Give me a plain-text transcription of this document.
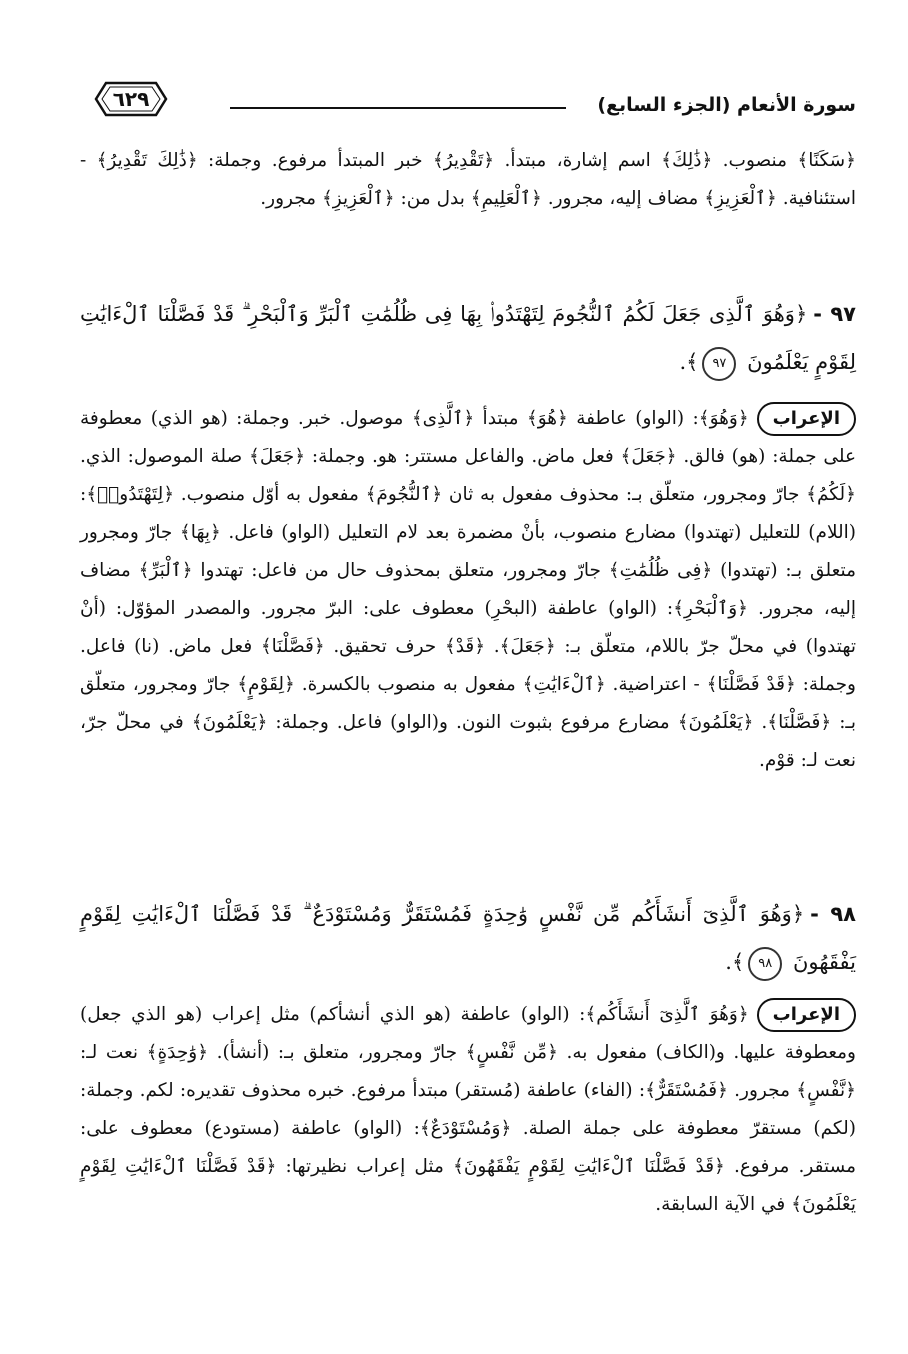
سورة الأنعام (الجزء السابع)
٦٢٩

﴿سَكَنًا﴾ منصوب. ﴿ذَٰلِكَ﴾ اسم إشارة، مبتدأ. ﴿تَقْدِيرُ﴾ خبر المبتدأ مرفوع. وجملة: ﴿ذَٰلِكَ تَقْدِيرُ﴾ - استئنافية. ﴿ٱلْعَزِيزِ﴾ مضاف إليه، مجرور. ﴿ٱلْعَلِيمِ﴾ بدل من: ﴿ٱلْعَزِيزِ﴾ مجرور.

٩٧ -﴿وَهُوَ ٱلَّذِى جَعَلَ لَكُمُ ٱلنُّجُومَ لِتَهْتَدُوا۟ بِهَا فِى ظُلُمَٰتِ ٱلْبَرِّ وَٱلْبَحْرِ ۗ قَدْ فَصَّلْنَا ٱلْءَايَٰتِ لِقَوْمٍ يَعْلَمُونَ ٩٧﴾.

الإعراب﴿وَهُوَ﴾: (الواو) عاطفة ﴿هُوَ﴾ مبتدأ ﴿ٱلَّذِى﴾ موصول. خبر. وجملة: (هو الذي) معطوفة على جملة: (هو) فالق. ﴿جَعَلَ﴾ فعل ماض. والفاعل مستتر: هو. وجملة: ﴿جَعَلَ﴾ صلة الموصول: الذي. ﴿لَكُمُ﴾ جارّ ومجرور، متعلّق بـ: محذوف مفعول به ثان ﴿ٱلنُّجُومَ﴾ مفعول به أوّل منصوب. ﴿لِتَهْتَدُوا۟﴾: (اللام) للتعليل (تهتدوا) مضارع منصوب، بأنْ مضمرة بعد لام التعليل (الواو) فاعل. ﴿بِهَا﴾ جارّ ومجرور متعلق بـ: (تهتدوا) ﴿فِى ظُلُمَٰتِ﴾ جارّ ومجرور، متعلق بمحذوف حال من فاعل: تهتدوا ﴿ٱلْبَرِّ﴾ مضاف إليه، مجرور. ﴿وَٱلْبَحْرِ﴾: (الواو) عاطفة (البحْرِ) معطوف على: البرّ مجرور. والمصدر المؤوّل: (أنْ تهتدوا) في محلّ جرّ باللام، متعلّق بـ: ﴿جَعَلَ﴾. ﴿قَدْ﴾ حرف تحقيق. ﴿فَصَّلْنَا﴾ فعل ماض. (نا) فاعل. وجملة: ﴿قَدْ فَصَّلْنَا﴾ - اعتراضية. ﴿ٱلْءَايَٰتِ﴾ مفعول به منصوب بالكسرة. ﴿لِقَوْمٍ﴾ جارّ ومجرور، متعلّق بـ: ﴿فَصَّلْنَا﴾. ﴿يَعْلَمُونَ﴾ مضارع مرفوع بثبوت النون. و(الواو) فاعل. وجملة: ﴿يَعْلَمُونَ﴾ في محلّ جرّ، نعت لـ: قوْم.

٩٨ -﴿وَهُوَ ٱلَّذِىٓ أَنشَأَكُم مِّن نَّفْسٍ وَٰحِدَةٍ فَمُسْتَقَرٌّ وَمُسْتَوْدَعٌ ۗ قَدْ فَصَّلْنَا ٱلْءَايَٰتِ لِقَوْمٍ يَفْقَهُونَ ٩٨﴾.

الإعراب﴿وَهُوَ ٱلَّذِىٓ أَنشَأَكُم﴾: (الواو) عاطفة (هو الذي أنشأكم) مثل إعراب (هو الذي جعل) ومعطوفة عليها. و(الكاف) مفعول به. ﴿مِّن نَّفْسٍ﴾ جارّ ومجرور، متعلق بـ: (أنشأ). ﴿وَٰحِدَةٍ﴾ نعت لـ: ﴿نَّفْسٍ﴾ مجرور. ﴿فَمُسْتَقَرٌّ﴾: (الفاء) عاطفة (مُستقر) مبتدأ مرفوع. خبره محذوف تقديره: لكم. وجملة: (لكم) مستقرّ معطوفة على جملة الصلة. ﴿وَمُسْتَوْدَعٌ﴾: (الواو) عاطفة (مستودع) معطوف على: مستقر. مرفوع. ﴿قَدْ فَصَّلْنَا ٱلْءَايَٰتِ لِقَوْمٍ يَفْقَهُونَ﴾ مثل إعراب نظيرتها: ﴿قَدْ فَصَّلْنَا ٱلْءَايَٰتِ لِقَوْمٍ يَعْلَمُونَ﴾ في الآية السابقة.
